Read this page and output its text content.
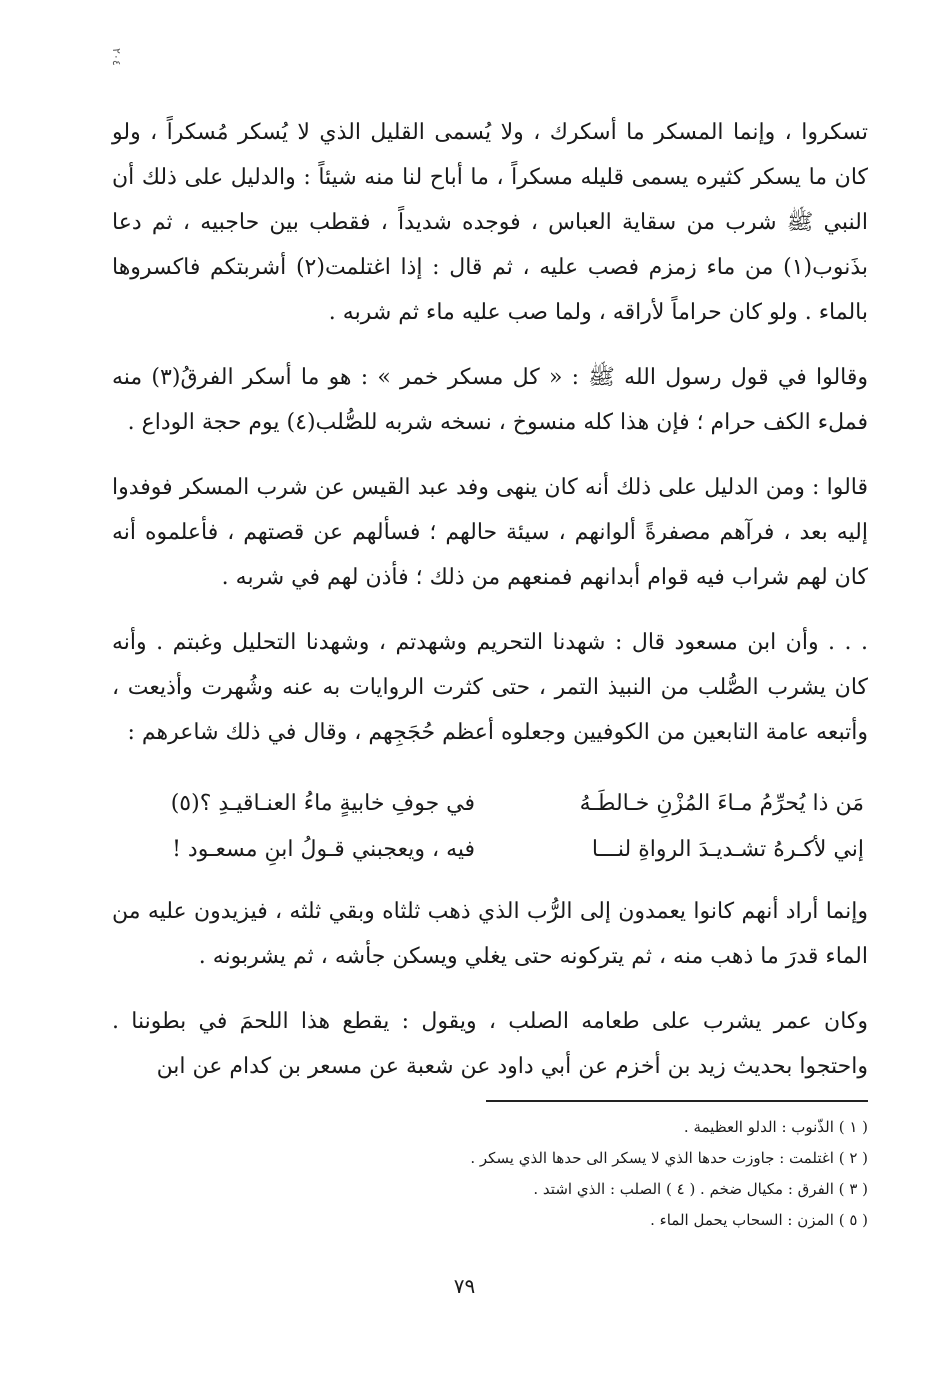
٢٠٤

تسكروا ، وإنما المسكر ما أسكرك ، ولا يُسمى القليل الذي لا يُسكر مُسكراً ، ولو كان ما يسكر كثيره يسمى قليله مسكراً ، ما أباح لنا منه شيئاً : والدليل على ذلك أن النبي ﷺ شرب من سقاية العباس ، فوجده شديداً ، فقطب بين حاجبيه ، ثم دعا بذَنوب(١) من ماء زمزم فصب عليه ، ثم قال : إذا اغتلمت(٢) أشربتكم فاكسروها بالماء . ولو كان حراماً لأراقه ، ولما صب عليه ماء ثم شربه .

وقالوا في قول رسول الله ﷺ : « كل مسكر خمر » : هو ما أسكر الفرقُ(٣) منه فملء الكف حرام ؛ فإن هذا كله منسوخ ، نسخه شربه للصُّلب(٤) يوم حجة الوداع .

قالوا : ومن الدليل على ذلك أنه كان ينهى وفد عبد القيس عن شرب المسكر فوفدوا إليه بعد ، فرآهم مصفرةً ألوانهم ، سيئة حالهم ؛ فسألهم عن قصتهم ، فأعلموه أنه كان لهم شراب فيه قوام أبدانهم فمنعهم من ذلك ؛ فأذن لهم في شربه .

. . . وأن ابن مسعود قال : شهدنا التحريم وشهدتم ، وشهدنا التحليل وغبتم . وأنه كان يشرب الصُّلب من النبيذ التمر ، حتى كثرت الروايات به عنه وشُهرت وأذيعت ، وأتبعه عامة التابعين من الكوفيين وجعلوه أعظم حُجَجِهم ، وقال في ذلك شاعرهم :

مَن ذا يُحرِّمُ مـاءَ المُزْنِ خـالطَـهُ
في جوفِ خابيةٍ ماءُ العنـاقيـدِ ؟(٥)
إني لأكـرهُ تشـديـدَ الرواةِ لنـــا
فيه ، ويعجبني قـولُ ابنِ مسعـود !

وإنما أراد أنهم كانوا يعمدون إلى الرُّب الذي ذهب ثلثاه وبقي ثلثه ، فيزيدون عليه من الماء قدرَ ما ذهب منه ، ثم يتركونه حتى يغلي ويسكن جأشه ، ثم يشربونه .

وكان عمر يشرب على طعامه الصلب ، ويقول : يقطع هذا اللحمَ في بطوننا . واحتجوا بحديث زيد بن أخزم عن أبي داود عن شعبة عن مسعر بن كدام عن ابن

( ١ ) الذّنوب : الدلو العظيمة .
( ٢ ) اغتلمت : جاوزت حدها الذي لا يسكر الى حدها الذي يسكر .
( ٣ ) الفرق : مكيال ضخم . ( ٤ ) الصلب : الذي اشتد .
( ٥ ) المزن : السحاب يحمل الماء .
٧٩
